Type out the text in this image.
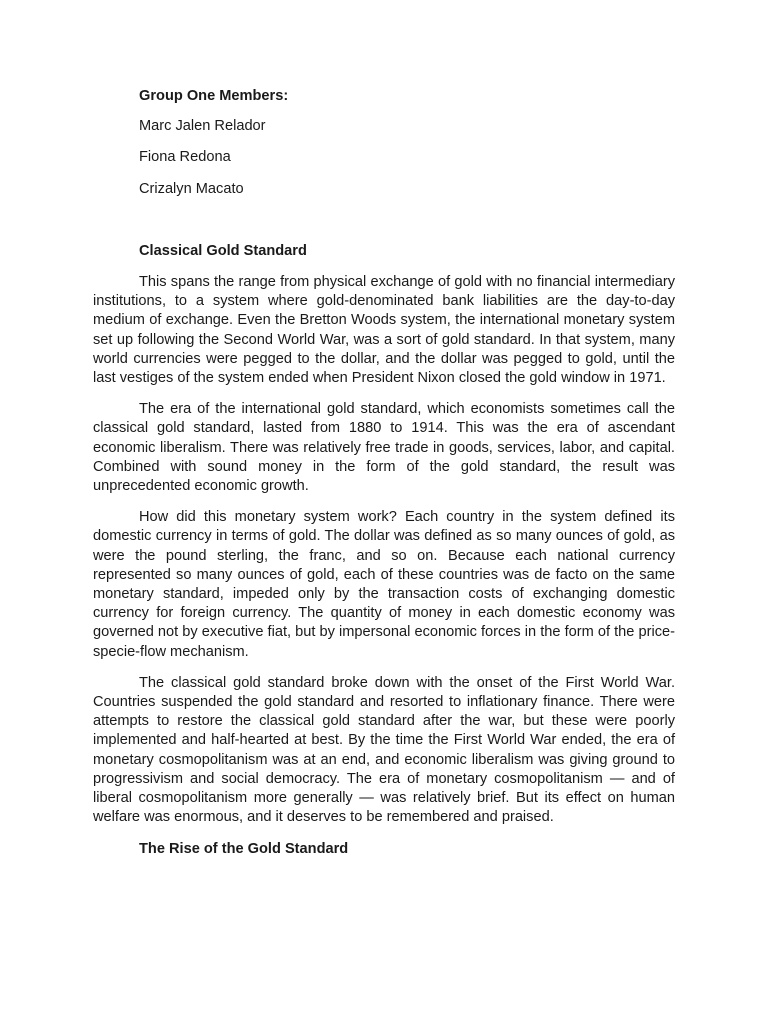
Group One Members:

Marc Jalen Relador

Fiona Redona

Crizalyn Macato

Classical Gold Standard

This spans the range from physical exchange of gold with no financial intermediary institutions, to a system where gold-denominated bank liabilities are the day-to-day medium of exchange. Even the Bretton Woods system, the international monetary system set up following the Second World War, was a sort of gold standard. In that system, many world currencies were pegged to the dollar, and the dollar was pegged to gold, until the last vestiges of the system ended when President Nixon closed the gold window in 1971.

The era of the international gold standard, which economists sometimes call the classical gold standard, lasted from 1880 to 1914. This was the era of ascendant economic liberalism. There was relatively free trade in goods, services, labor, and capital. Combined with sound money in the form of the gold standard, the result was unprecedented economic growth.

How did this monetary system work? Each country in the system defined its domestic currency in terms of gold. The dollar was defined as so many ounces of gold, as were the pound sterling, the franc, and so on. Because each national currency represented so many ounces of gold, each of these countries was de facto on the same monetary standard, impeded only by the transaction costs of exchanging domestic currency for foreign currency. The quantity of money in each domestic economy was governed not by executive fiat, but by impersonal economic forces in the form of the price-specie-flow mechanism.

The classical gold standard broke down with the onset of the First World War. Countries suspended the gold standard and resorted to inflationary finance. There were attempts to restore the classical gold standard after the war, but these were poorly implemented and half-hearted at best. By the time the First World War ended, the era of monetary cosmopolitanism was at an end, and economic liberalism was giving ground to progressivism and social democracy. The era of monetary cosmopolitanism — and of liberal cosmopolitanism more generally — was relatively brief. But its effect on human welfare was enormous, and it deserves to be remembered and praised.

The Rise of the Gold Standard
